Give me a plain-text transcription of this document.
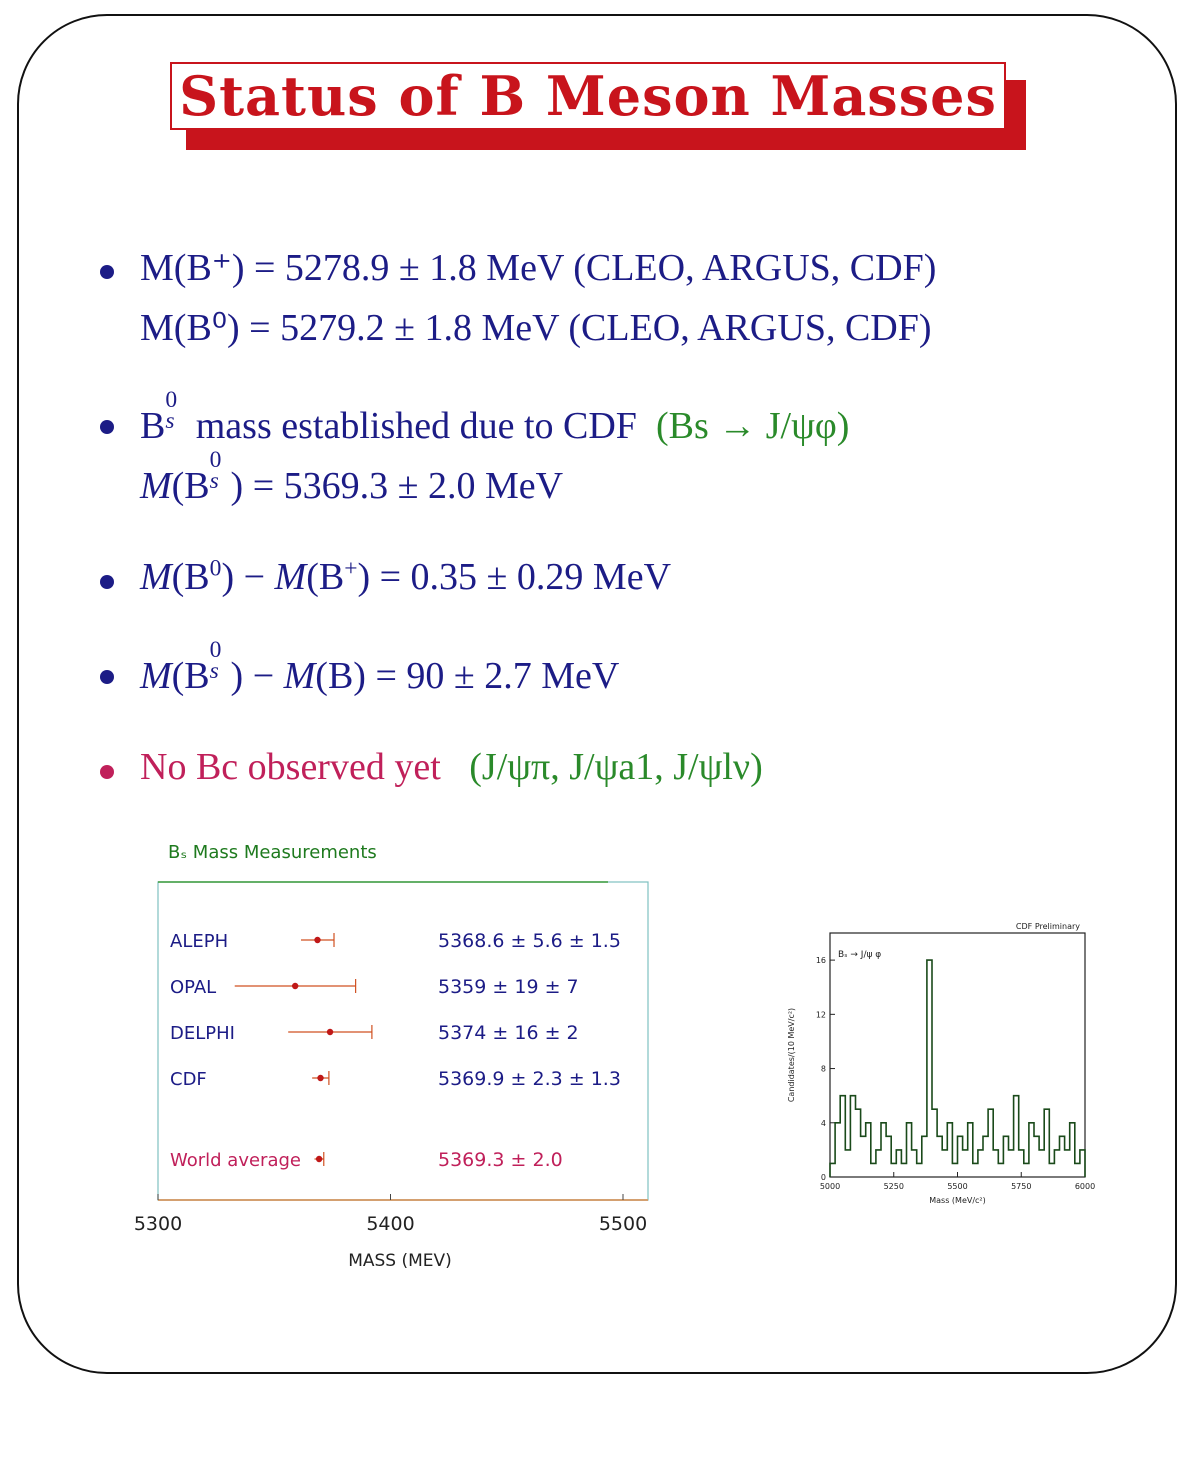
Status of B Meson Masses
M(B⁺) = 5278.9 ± 1.8 MeV (CLEO, ARGUS, CDF)
M(B⁰) = 5279.2 ± 1.8 MeV (CLEO, ARGUS, CDF)
B
0
s mass established due to CDF (Bs → J/ψφ)
M(B
0
s ) = 5369.3 ± 2.0 MeV
$M(B^0) - M(B^+) = 0.35 \pm 0.29$ MeV
M(B
0
s ) − M(B) = 90 ± 2.7 MeV
No Bc observed yet (J/ψπ, J/ψa1, J/ψlν)
Bₛ Mass Measurements
5300	5400	5500
MASS (MEV)
ALEPH	5368.6 ± 5.6 ± 1.5
OPAL	5359 ± 19 ± 7
DELPHI	5374 ± 16 ± 2
CDF	5369.9 ± 2.3 ± 1.3
World average	5369.3 ± 2.0
CDF Preliminary
Bₛ → J/ψ φ
5000	5250	5500	5750	6000
0
4
8
12
16
Mass (MeV/c²)
Candidates/(10 MeV/c²)
